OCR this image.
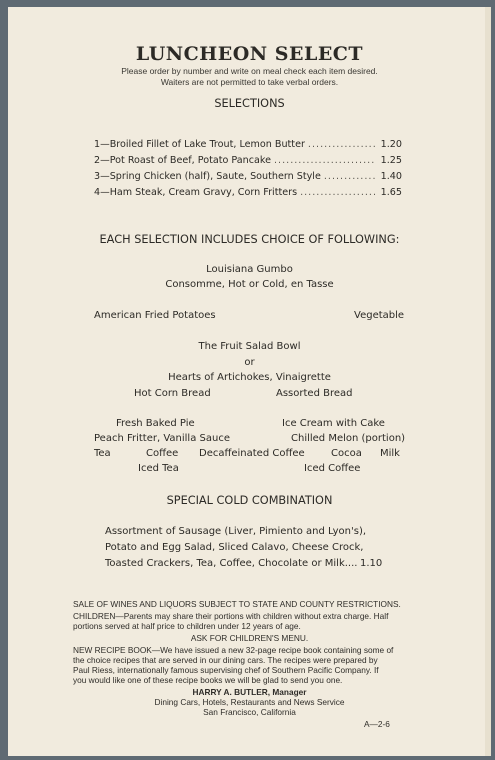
LUNCHEON SELECT
Please order by number and write on meal check each item desired.
Waiters are not permitted to take verbal orders.
SELECTIONS
1—Broiled Fillet of Lake Trout, Lemon Butter .....	1.20
2—Pot Roast of Beef, Potato Pancake .....	1.25
3—Spring Chicken (half), Saute, Southern Style .....	1.40
4—Ham Steak, Cream Gravy, Corn Fritters .....	1.65
EACH SELECTION INCLUDES CHOICE OF FOLLOWING:
Louisiana Gumbo
Consomme, Hot or Cold, en Tasse
American Fried Potatoes	Vegetable
The Fruit Salad Bowl
or
Hearts of Artichokes, Vinaigrette
Hot Corn Bread	Assorted Bread
Fresh Baked Pie	Ice Cream with Cake
Peach Fritter, Vanilla Sauce	Chilled Melon (portion)
Tea	Coffee Decaffeinated Coffee	Cocoa Milk
Iced Tea	Iced Coffee
SPECIAL COLD COMBINATION
Assortment of Sausage (Liver, Pimiento and Lyon's),
Potato and Egg Salad, Sliced Calavo, Cheese Crock,
Toasted Crackers, Tea, Coffee, Chocolate or Milk.... 1.10
SALE OF WINES AND LIQUORS SUBJECT TO STATE AND COUNTY RESTRICTIONS.
CHILDREN—Parents may share their portions with children without extra charge. Half
portions served at half price to children under 12 years of age.
ASK FOR CHILDREN'S MENU.
NEW RECIPE BOOK—We have issued a new 32-page recipe book containing some of
the choice recipes that are served in our dining cars. The recipes were prepared by
Paul Riess, internationally famous supervising chef of Southern Pacific Company. If
you would like one of these recipe books we will be glad to send you one.
HARRY A. BUTLER, Manager
Dining Cars, Hotels, Restaurants and News Service
San Francisco, California
A—2-6
